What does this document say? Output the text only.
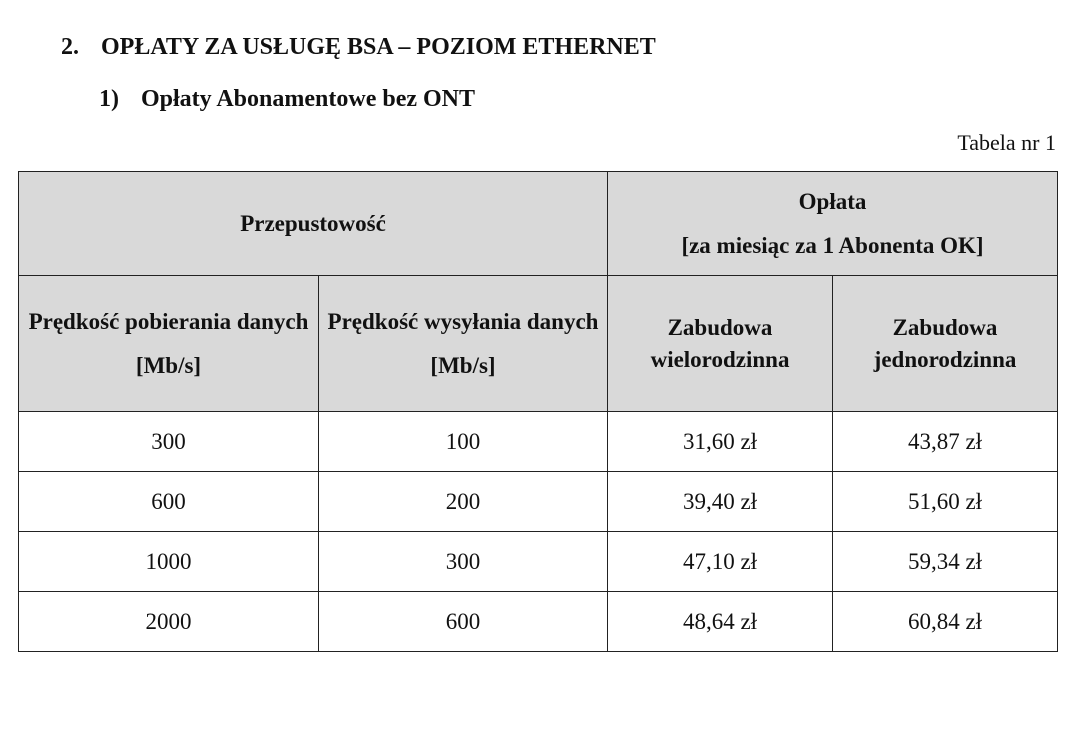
2. OPŁATY ZA USŁUGĘ BSA – POZIOM ETHERNET
1) Opłaty Abonamentowe bez ONT
Tabela nr 1
Przepustowość		Opłata
[za miesiąc za 1 Abonenta OK]	

Prędkość pobierania danych
[Mb/s]	Prędkość wysyłania danych
[Mb/s]	Zabudowa wielorodzinna	Zabudowa jednorodzinna
300	100	31,60 zł	43,87 zł
600	200	39,40 zł	51,60 zł
1000	300	47,10 zł	59,34 zł
2000	600	48,64 zł	60,84 zł
